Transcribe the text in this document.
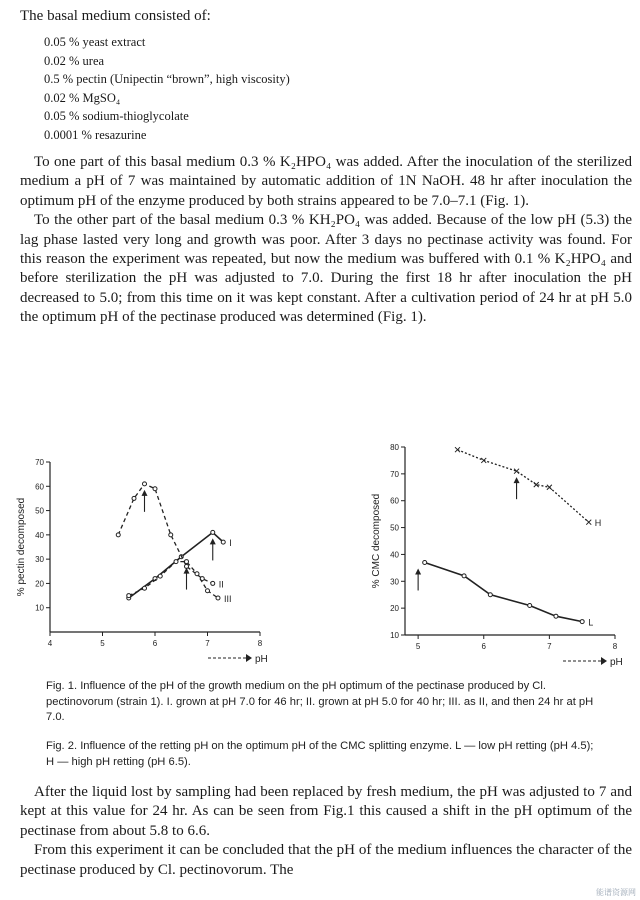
The basal medium consisted of:
0.05 % yeast extract
0.02 % urea
0.5 % pectin (Unipectin “brown”, high viscosity)
0.02 % MgSO₄
0.05 % sodium-thioglycolate
0.0001 % resazurine

To one part of this basal medium 0.3 % K₂HPO₄ was added. After the inoculation of the sterilized medium a pH of 7 was maintained by automatic addition of 1N NaOH. 48 hr after inoculation the optimum pH of the enzyme produced by both strains appeared to be 7.0–7.1 (Fig. 1).

To the other part of the basal medium 0.3 % KH₂PO₄ was added. Because of the low pH (5.3) the lag phase lasted very long and growth was poor. After 3 days no pectinase activity was found. For this reason the experiment was repeated, but now the medium was buffered with 0.1 % K₂HPO₄ and before sterilization the pH was adjusted to 7.0. During the first 18 hr after inoculation the pH decreased to 5.0; from this time on it was kept constant. After a cultivation period of 24 hr at pH 5.0 the optimum pH of the pectinase produced was determined (Fig. 1).

4	5	6	7	8
10
20
30
40
50
60
70
% pectin decomposed
pH
I
II
III
5	6	7	8
10
20
30
40
50
60
70
80
% CMC decomposed
pH
H
L

Fig. 1. Influence of the pH of the growth medium on the pH optimum of the pectinase produced by Cl. pectinovorum (strain 1). I. grown at pH 7.0 for 46 hr; II. grown at pH 5.0 for 40 hr; III. as II, and then 24 hr at pH 7.0.

Fig. 2. Influence of the retting pH on the optimum pH of the CMC splitting enzyme. L — low pH retting (pH 4.5); H — high pH retting (pH 6.5).

After the liquid lost by sampling had been replaced by fresh medium, the pH was adjusted to 7 and kept at this value for 24 hr. As can be seen from Fig.1 this caused a shift in the pH optimum of the pectinase from about 5.8 to 6.6.

From this experiment it can be concluded that the pH of the medium influences the character of the pectinase produced by Cl. pectinovorum. The

能谱资源网
